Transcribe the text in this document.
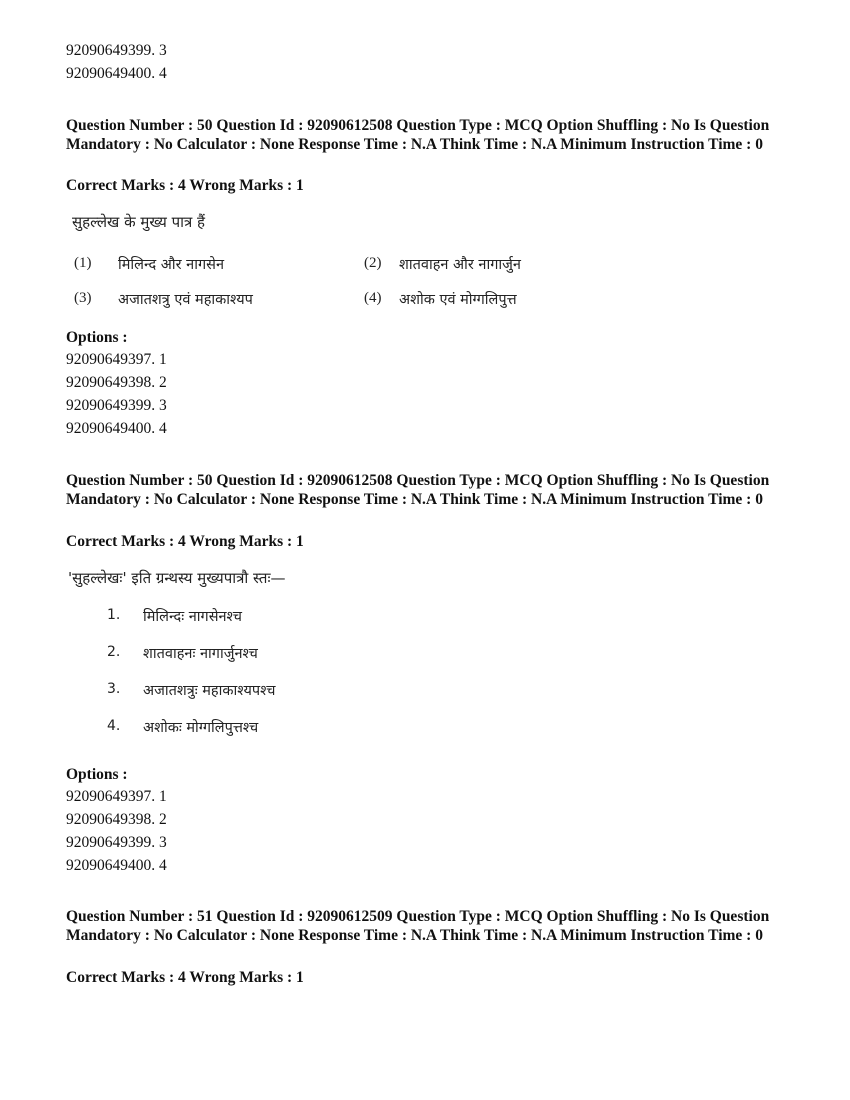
92090649399. 3
92090649400. 4
Question Number : 50 Question Id : 92090612508 Question Type : MCQ Option Shuffling : No Is Question Mandatory : No Calculator : None Response Time : N.A Think Time : N.A Minimum Instruction Time : 0
Correct Marks : 4 Wrong Marks : 1
सुहल्लेख के मुख्य पात्र हैं
(1) मिलिन्द और नागसेन	(2) शातवाहन और नागार्जुन
(3) अजातशत्रु एवं महाकाश्यप	(4) अशोक एवं मोग्गलिपुत्त
Options :
92090649397. 1
92090649398. 2
92090649399. 3
92090649400. 4
Question Number : 50 Question Id : 92090612508 Question Type : MCQ Option Shuffling : No Is Question Mandatory : No Calculator : None Response Time : N.A Think Time : N.A Minimum Instruction Time : 0
Correct Marks : 4 Wrong Marks : 1
'सुहल्लेखः' इति ग्रन्थस्य मुख्यपात्रौ स्तः—
1. मिलिन्दः नागसेनश्च
2. शातवाहनः नागार्जुनश्च
3. अजातशत्रुः महाकाश्यपश्च
4. अशोकः मोग्गलिपुत्तश्च
Options :
92090649397. 1
92090649398. 2
92090649399. 3
92090649400. 4
Question Number : 51 Question Id : 92090612509 Question Type : MCQ Option Shuffling : No Is Question Mandatory : No Calculator : None Response Time : N.A Think Time : N.A Minimum Instruction Time : 0
Correct Marks : 4 Wrong Marks : 1
